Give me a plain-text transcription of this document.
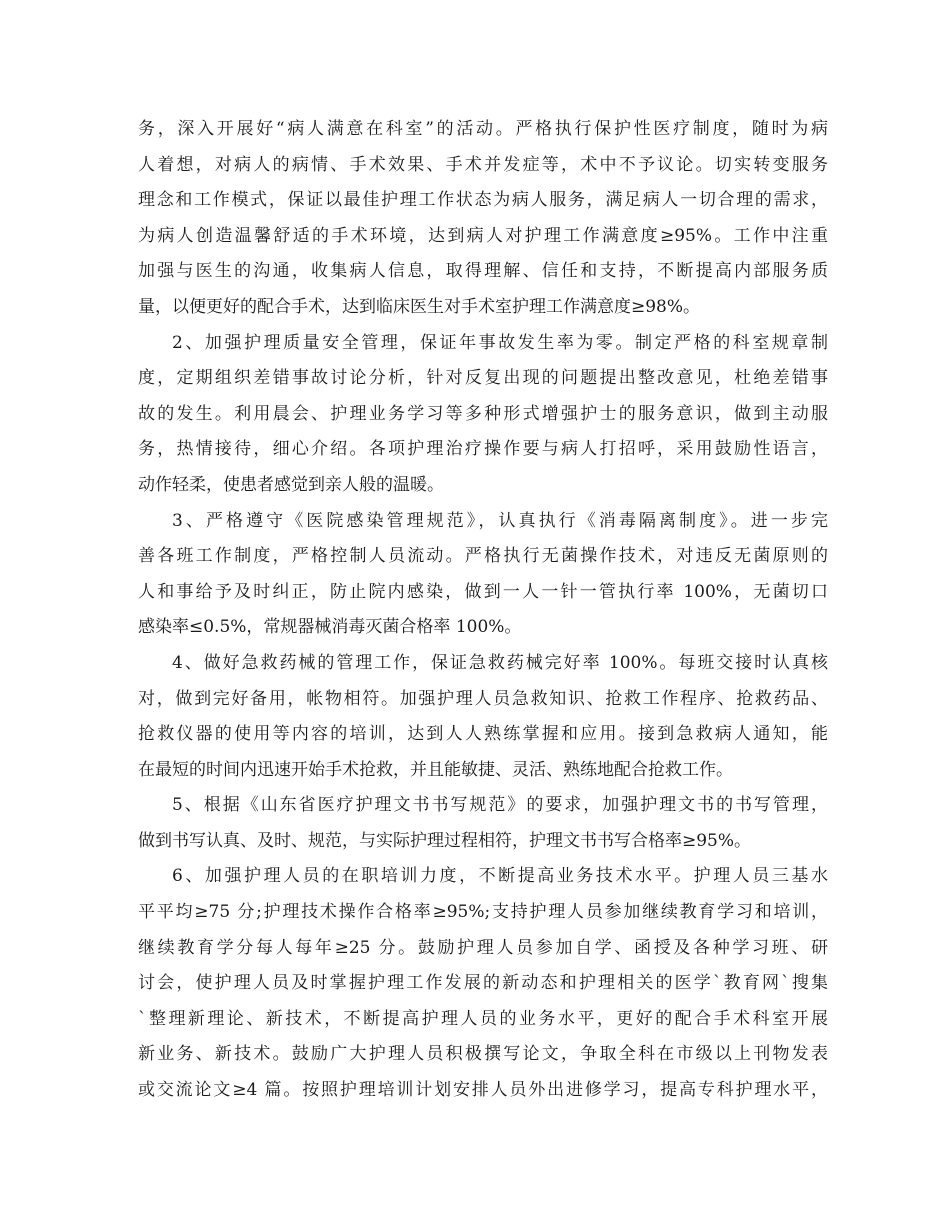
务，深入开展好“病人满意在科室”的活动。严格执行保护性医疗制度，随时为病
人着想，对病人的病情、手术效果、手术并发症等，术中不予议论。切实转变服务
理念和工作模式，保证以最佳护理工作状态为病人服务，满足病人一切合理的需求，
为病人创造温馨舒适的手术环境，达到病人对护理工作满意度≥95%。工作中注重
加强与医生的沟通，收集病人信息，取得理解、信任和支持，不断提高内部服务质
量，以便更好的配合手术，达到临床医生对手术室护理工作满意度≥98%。
2、加强护理质量安全管理，保证年事故发生率为零。制定严格的科室规章制
度，定期组织差错事故讨论分析，针对反复出现的问题提出整改意见，杜绝差错事
故的发生。利用晨会、护理业务学习等多种形式增强护士的服务意识，做到主动服
务，热情接待，细心介绍。各项护理治疗操作要与病人打招呼，采用鼓励性语言，
动作轻柔，使患者感觉到亲人般的温暖。
3、严格遵守《医院感染管理规范》，认真执行《消毒隔离制度》。进一步完
善各班工作制度，严格控制人员流动。严格执行无菌操作技术，对违反无菌原则的
人和事给予及时纠正，防止院内感染，做到一人一针一管执行率 100%，无菌切口
感染率≤0.5%，常规器械消毒灭菌合格率 100%。
4、做好急救药械的管理工作，保证急救药械完好率 100%。每班交接时认真核
对，做到完好备用，帐物相符。加强护理人员急救知识、抢救工作程序、抢救药品、
抢救仪器的使用等内容的培训，达到人人熟练掌握和应用。接到急救病人通知，能
在最短的时间内迅速开始手术抢救，并且能敏捷、灵活、熟练地配合抢救工作。
5、根据《山东省医疗护理文书书写规范》的要求，加强护理文书的书写管理，
做到书写认真、及时、规范，与实际护理过程相符，护理文书书写合格率≥95%。
6、加强护理人员的在职培训力度，不断提高业务技术水平。护理人员三基水
平平均≥75 分;护理技术操作合格率≥95%;支持护理人员参加继续教育学习和培训，
继续教育学分每人每年≥25 分。鼓励护理人员参加自学、函授及各种学习班、研
讨会，使护理人员及时掌握护理工作发展的新动态和护理相关的医学`教育网`搜集
`整理新理论、新技术，不断提高护理人员的业务水平，更好的配合手术科室开展
新业务、新技术。鼓励广大护理人员积极撰写论文，争取全科在市级以上刊物发表
或交流论文≥4 篇。按照护理培训计划安排人员外出进修学习，提高专科护理水平，
